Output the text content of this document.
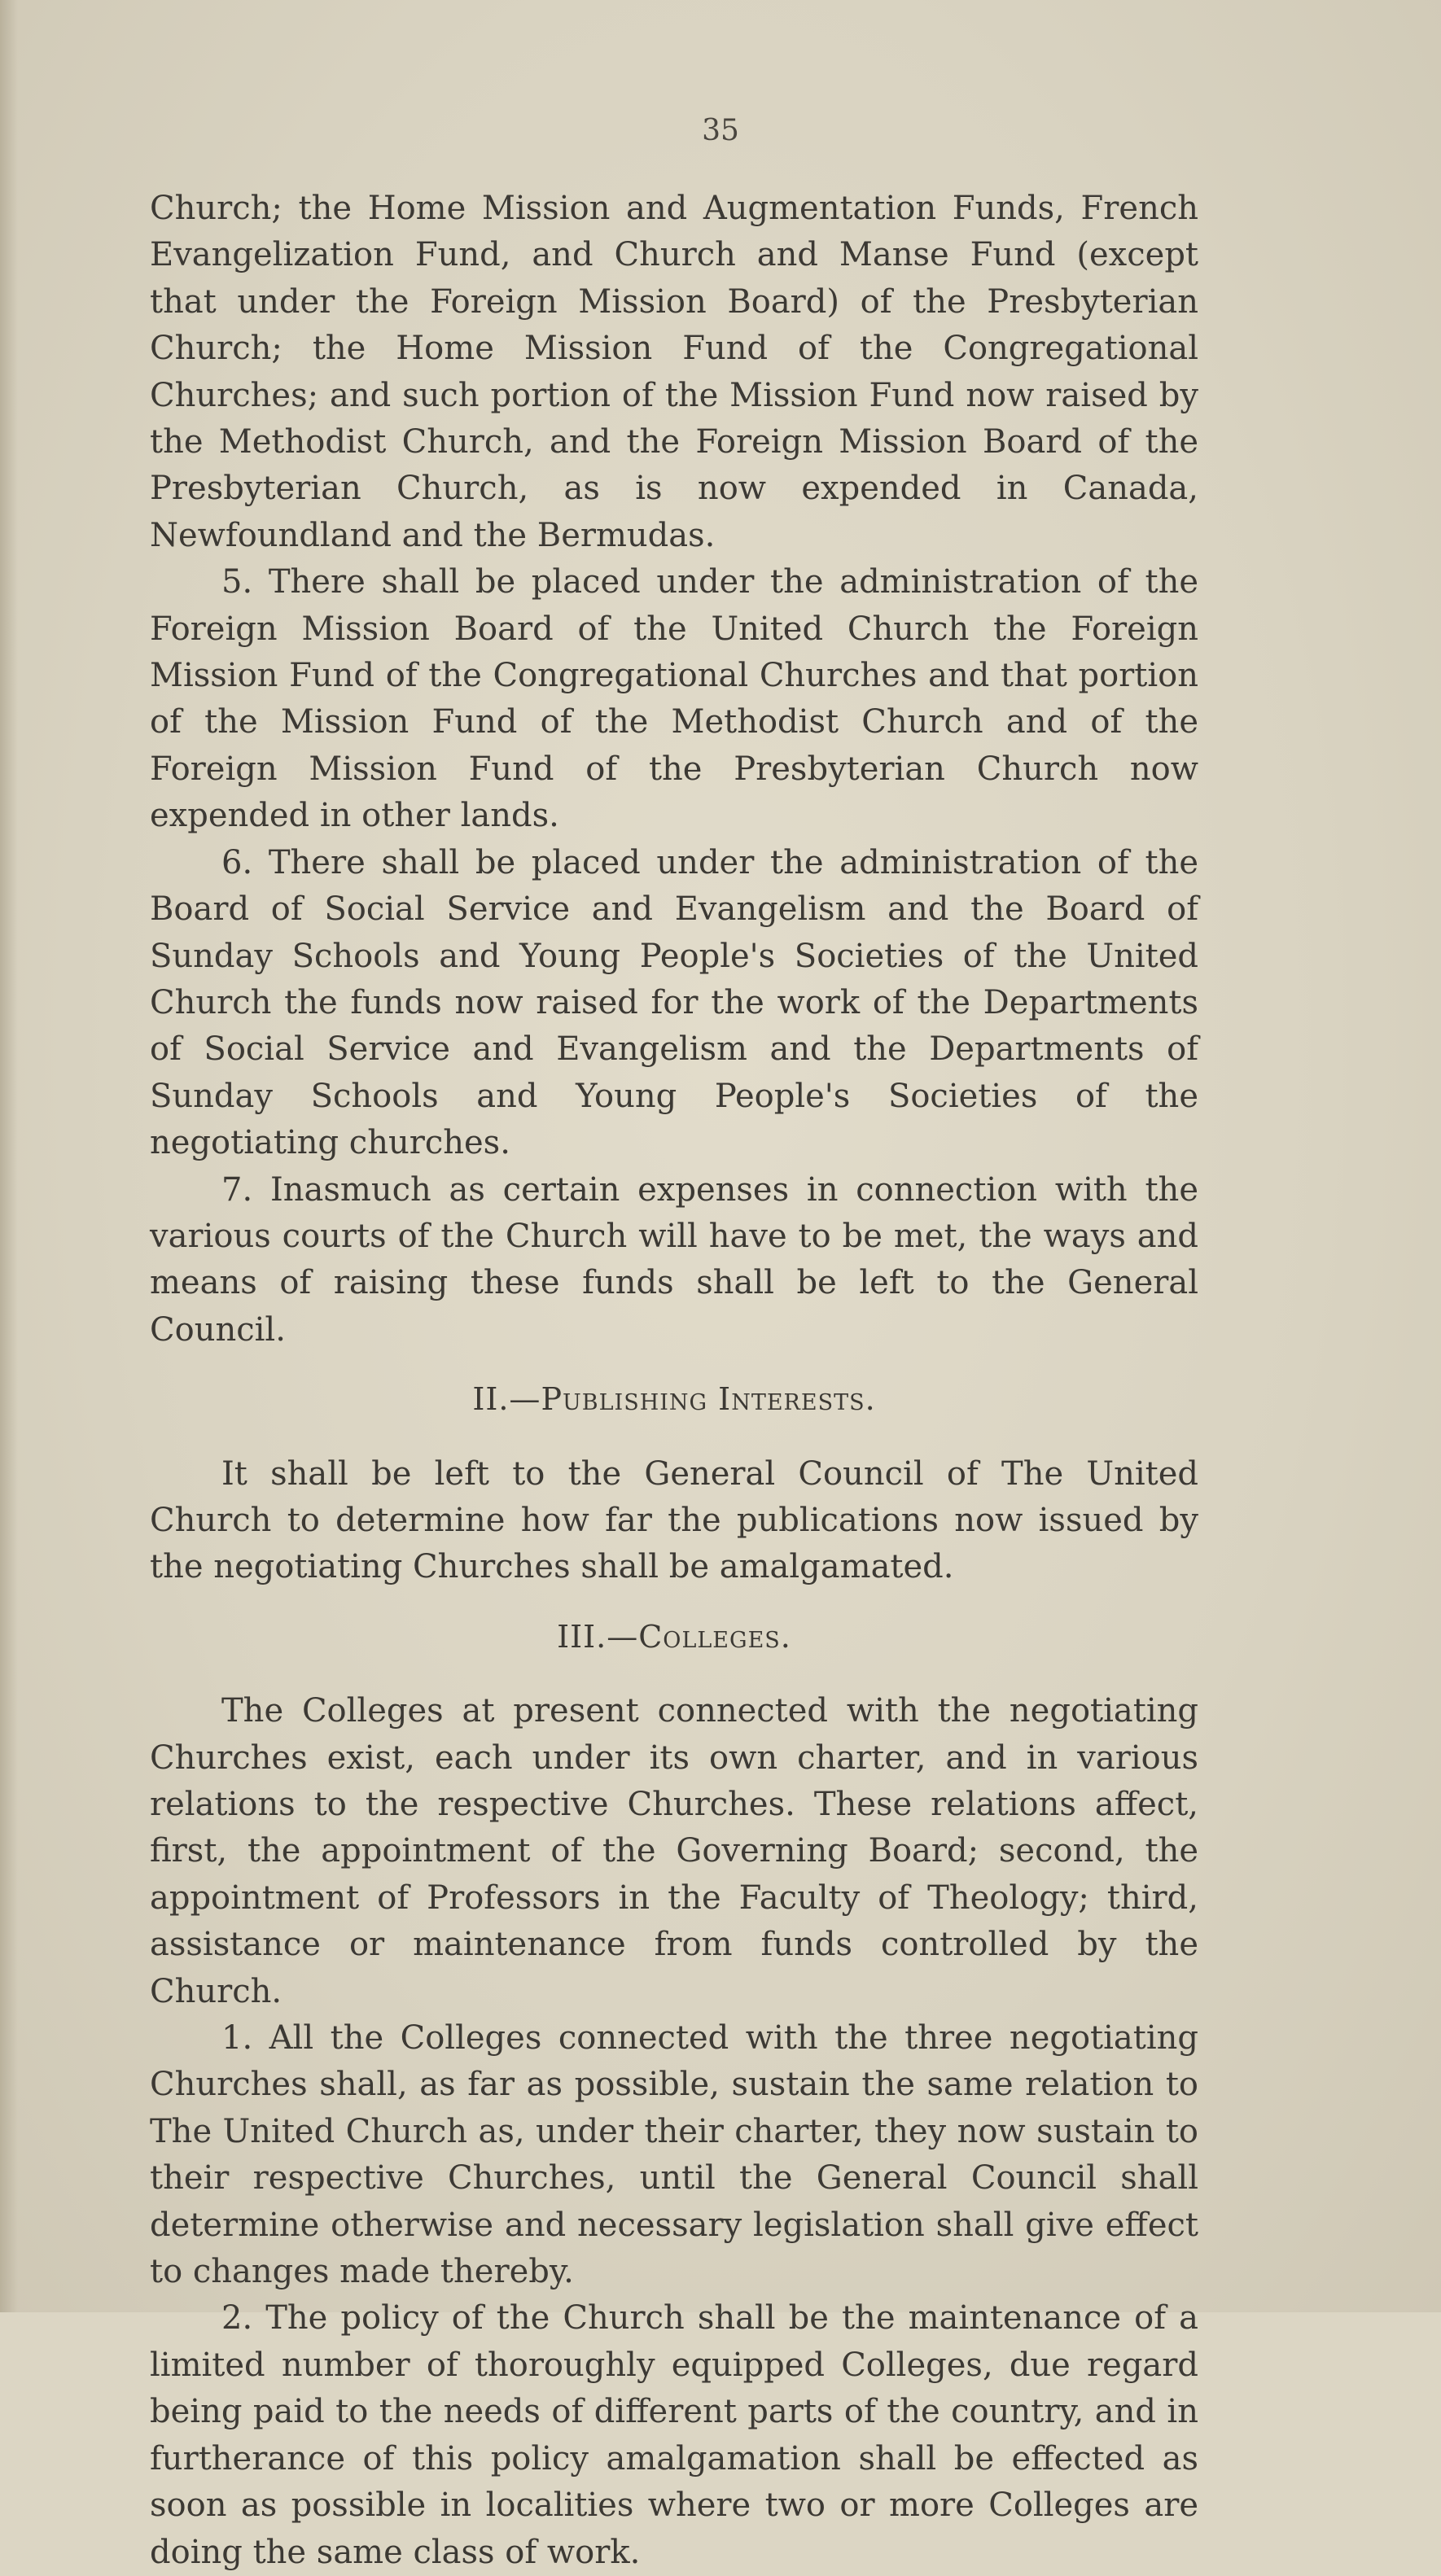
35

Church; the Home Mission and Augmentation Funds, French Evangelization Fund, and Church and Manse Fund (except that under the Foreign Mission Board) of the Presbyterian Church; the Home Mission Fund of the Congregational Churches; and such portion of the Mission Fund now raised by the Methodist Church, and the Foreign Mission Board of the Presbyterian Church, as is now expended in Canada, Newfoundland and the Bermudas.

5. There shall be placed under the administration of the Foreign Mission Board of the United Church the Foreign Mission Fund of the Congregational Churches and that portion of the Mission Fund of the Methodist Church and of the Foreign Mission Fund of the Presbyterian Church now expended in other lands.

6. There shall be placed under the administration of the Board of Social Service and Evangelism and the Board of Sunday Schools and Young People's Societies of the United Church the funds now raised for the work of the Departments of Social Service and Evangelism and the Departments of Sunday Schools and Young People's Societies of the negotiating churches.

7. Inasmuch as certain expenses in connection with the various courts of the Church will have to be met, the ways and means of raising these funds shall be left to the General Council.

II.—Publishing Interests.

It shall be left to the General Council of The United Church to determine how far the publications now issued by the negotiating Churches shall be amalgamated.

III.—Colleges.

The Colleges at present connected with the negotiating Churches exist, each under its own charter, and in various relations to the respective Churches. These relations affect, first, the appointment of the Governing Board; second, the appointment of Professors in the Faculty of Theology; third, assistance or maintenance from funds controlled by the Church.

1. All the Colleges connected with the three negotiating Churches shall, as far as possible, sustain the same relation to The United Church as, under their charter, they now sustain to their respective Churches, until the General Council shall determine otherwise and necessary legislation shall give effect to changes made thereby.

2. The policy of the Church shall be the maintenance of a limited number of thoroughly equipped Colleges, due regard being paid to the needs of different parts of the country, and in furtherance of this policy amalgamation shall be effected as soon as possible in localities where two or more Colleges are doing the same class of work.
